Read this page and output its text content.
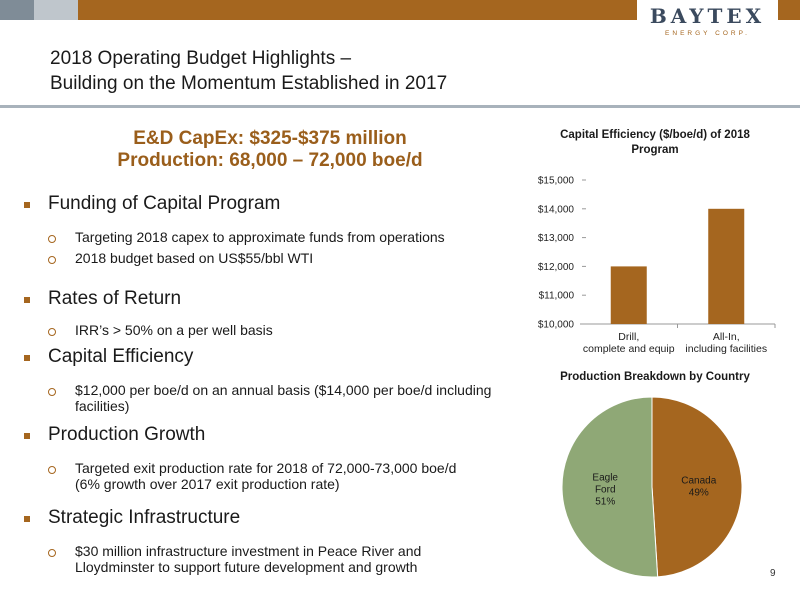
BAYTEX
ENERGY CORP.
2018 Operating Budget Highlights –
Building on the Momentum Established in 2017
E&D CapEx: $325-$375 million
Production: 68,000 – 72,000 boe/d
Funding of Capital Program
Targeting 2018 capex to approximate funds from operations
2018 budget based on US$55/bbl WTI
Rates of Return
IRR’s > 50% on a per well basis
Capital Efficiency
$12,000 per boe/d on an annual basis ($14,000 per boe/d including facilities)
Production Growth
Targeted exit production rate for 2018 of 72,000-73,000 boe/d (6% growth over 2017 exit production rate)
Strategic Infrastructure
$30 million infrastructure investment in Peace River and Lloydminster to support future development and growth
Capital Efficiency ($/boe/d) of 2018 Program
$10,000
$11,000
$12,000
$13,000
$14,000
$15,000
Drill, complete and equip
All-In, including facilities
Production Breakdown by Country
Canada 49%
Eagle Ford 51%
9
